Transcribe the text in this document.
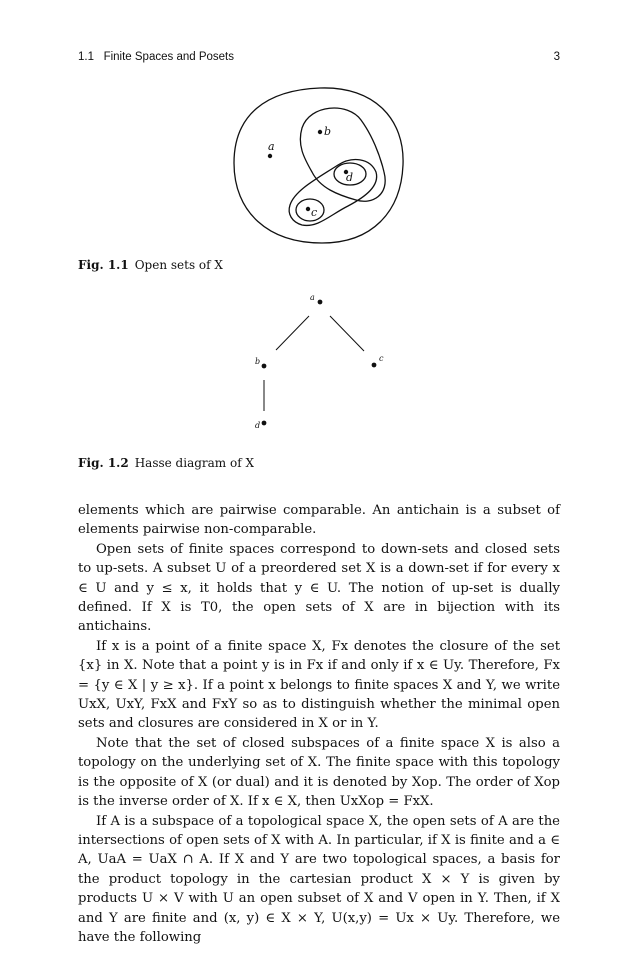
1.1   Finite Spaces and Posets	3
a
b
d
c
Fig. 1.1 Open sets of X
a
b	c
d
Fig. 1.2 Hasse diagram of X

elements which are pairwise comparable. An antichain is a subset of elements pairwise non-comparable.

Open sets of finite spaces correspond to down-sets and closed sets to up-sets. A subset U of a preordered set X is a down-set if for every x ∈ U and y ≤ x, it holds that y ∈ U. The notion of up-set is dually defined. If X is T0, the open sets of X are in bijection with its antichains.

If x is a point of a finite space X, Fx denotes the closure of the set {x} in X. Note that a point y is in Fx if and only if x ∈ Uy. Therefore, Fx = {y ∈ X | y ≥ x}. If a point x belongs to finite spaces X and Y, we write UxX, UxY, FxX and FxY so as to distinguish whether the minimal open sets and closures are considered in X or in Y.

Note that the set of closed subspaces of a finite space X is also a topology on the underlying set of X. The finite space with this topology is the opposite of X (or dual) and it is denoted by Xop. The order of Xop is the inverse order of X. If x ∈ X, then UxXop = FxX.

If A is a subspace of a topological space X, the open sets of A are the intersections of open sets of X with A. In particular, if X is finite and a ∈ A, UaA = UaX ∩ A. If X and Y are two topological spaces, a basis for the product topology in the cartesian product X × Y is given by products U × V with U an open subset of X and V open in Y. Then, if X and Y are finite and (x, y) ∈ X × Y, U(x,y) = Ux × Uy. Therefore, we have the following
